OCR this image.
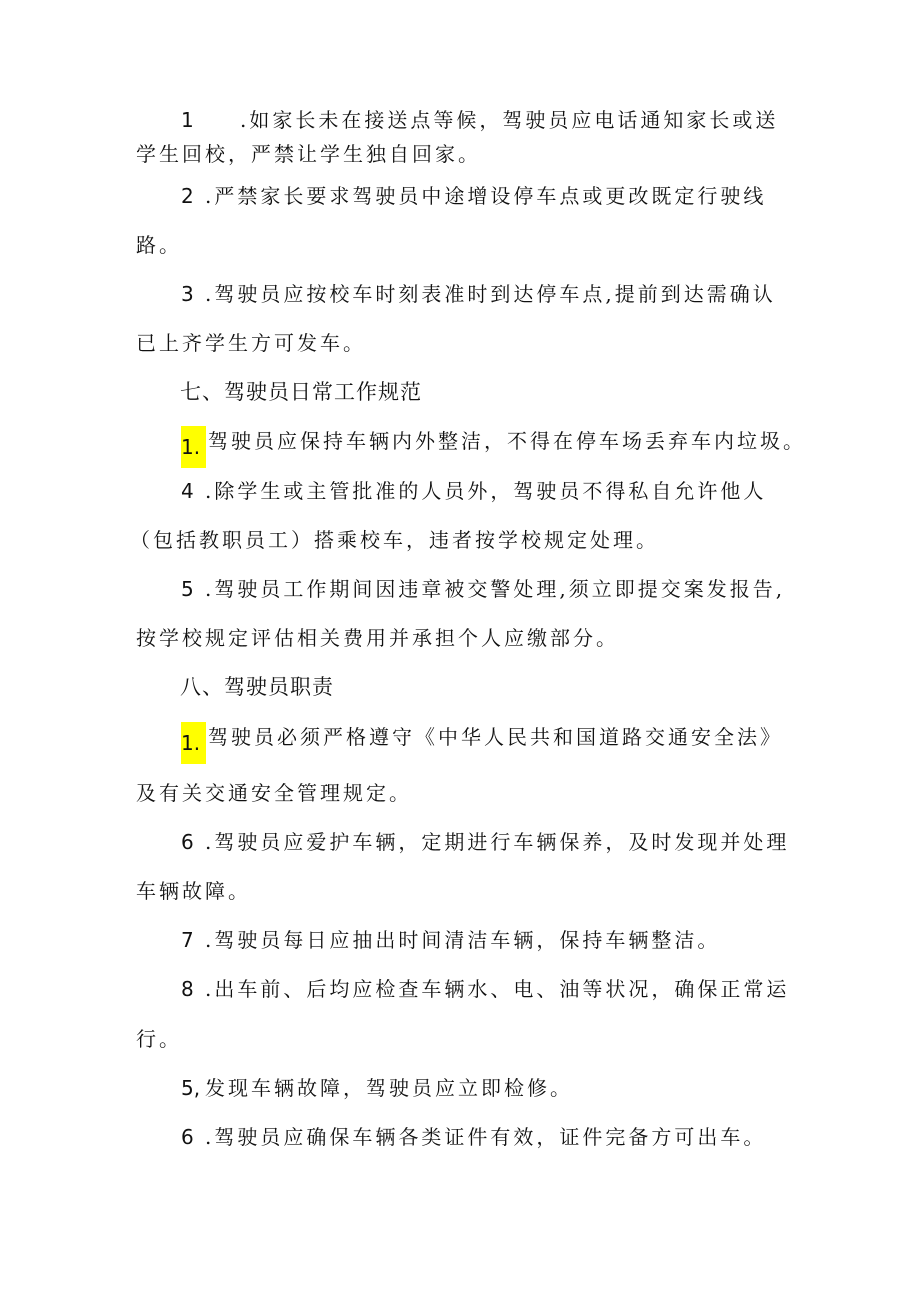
1 .如家长未在接送点等候，驾驶员应电话通知家长或送
学生回校，严禁让学生独自回家。
2 .严禁家长要求驾驶员中途增设停车点或更改既定行驶线
路。
3 .驾驶员应按校车时刻表准时到达停车点,提前到达需确认
已上齐学生方可发车。
七、驾驶员日常工作规范
1. 驾驶员应保持车辆内外整洁，不得在停车场丢弃车内垃圾。
4 .除学生或主管批准的人员外，驾驶员不得私自允许他人
（包括教职员工）搭乘校车，违者按学校规定处理。
5 .驾驶员工作期间因违章被交警处理,须立即提交案发报告,
按学校规定评估相关费用并承担个人应缴部分。
八、驾驶员职责
1. 驾驶员必须严格遵守《中华人民共和国道路交通安全法》
及有关交通安全管理规定。
6 .驾驶员应爱护车辆，定期进行车辆保养，及时发现并处理
车辆故障。
7 .驾驶员每日应抽出时间清洁车辆，保持车辆整洁。
8 .出车前、后均应检查车辆水、电、油等状况，确保正常运
行。
5, 发现车辆故障，驾驶员应立即检修。
6 .驾驶员应确保车辆各类证件有效，证件完备方可出车。
